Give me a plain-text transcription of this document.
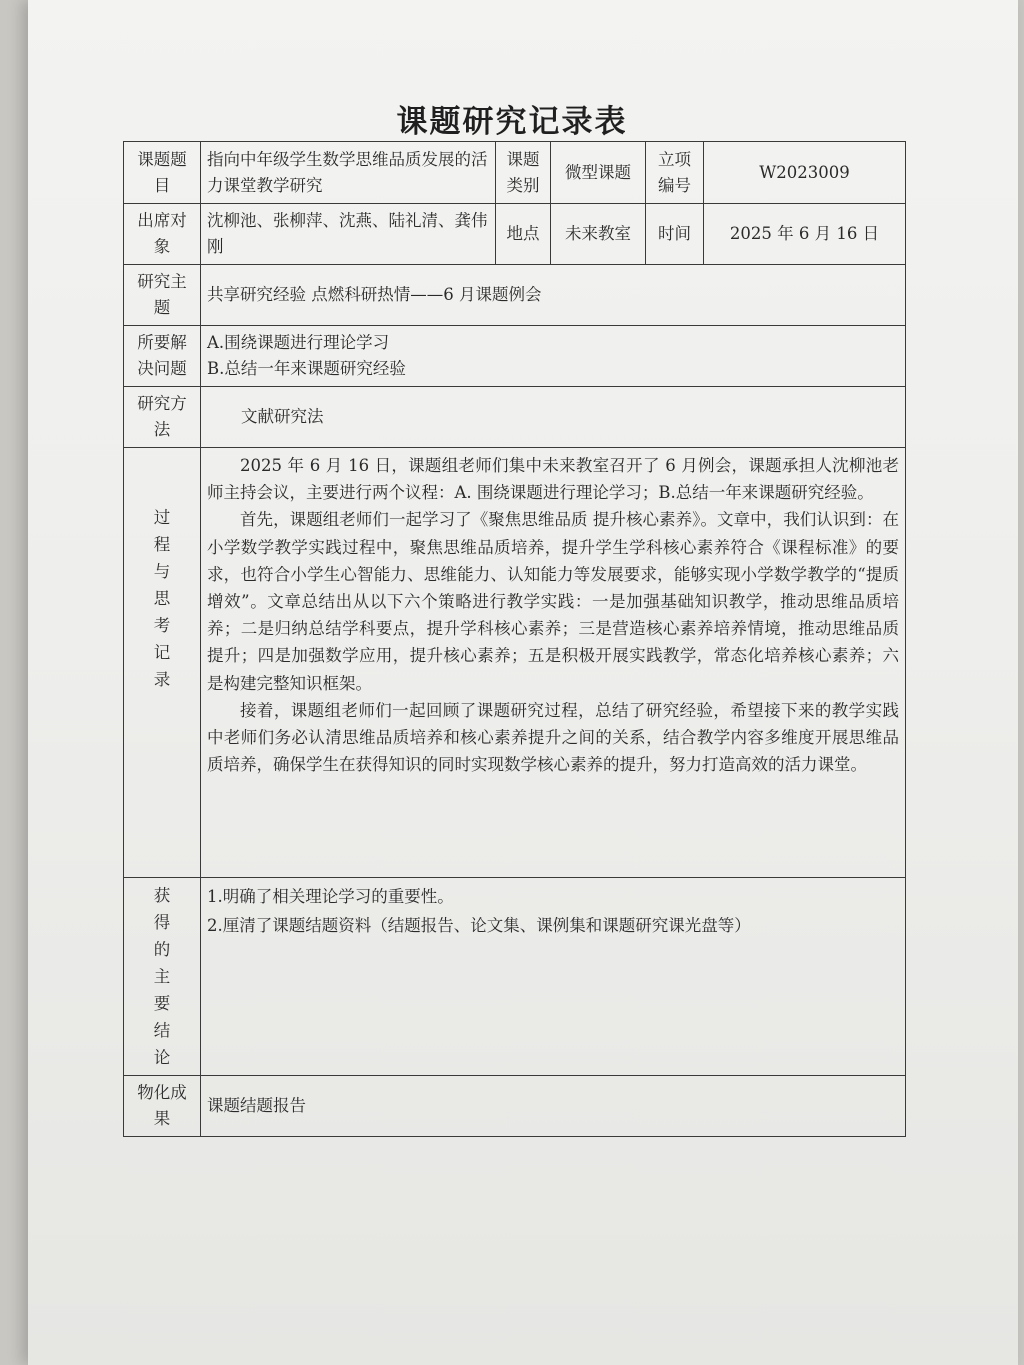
课题研究记录表
课题题目	指向中年级学生数学思维品质发展的活力课堂教学研究	课题类别	微型课题	立项编号	W2023009
出席对象	沈柳池、张柳萍、沈燕、陆礼清、龚伟刚	地点	未来教室	时间	2025 年 6 月 16 日
研究主题	共享研究经验 点燃科研热情——6 月课题例会				
所要解决问题	A.围绕课题进行理论学习
B.总结一年来课题研究经验				

研究方法	文献研究法				
过程与思考记录	2025 年 6 月 16 日，课题组老师们集中未来教室召开了 6 月例会，课题承担人沈柳池老师主持会议，主要进行两个议程：A. 围绕课题进行理论学习；B.总结一年来课题研究经验。

首先，课题组老师们一起学习了《聚焦思维品质 提升核心素养》。文章中，我们认识到：在小学数学教学实践过程中，聚焦思维品质培养，提升学生学科核心素养符合《课程标准》的要求，也符合小学生心智能力、思维能力、认知能力等发展要求，能够实现小学数学教学的“提质增效”。文章总结出从以下六个策略进行教学实践：一是加强基础知识教学，推动思维品质培养；二是归纳总结学科要点，提升学科核心素养；三是营造核心素养培养情境，推动思维品质提升；四是加强数学应用，提升核心素养；五是积极开展实践教学，常态化培养核心素养；六是构建完整知识框架。

接着，课题组老师们一起回顾了课题研究过程，总结了研究经验，希望接下来的教学实践中老师们务必认清思维品质培养和核心素养提升之间的关系，结合教学内容多维度开展思维品质培养，确保学生在获得知识的同时实现数学核心素养的提升，努力打造高效的活力课堂。				

获得的主要结论	1.明确了相关理论学习的重要性。
2.厘清了课题结题资料（结题报告、论文集、课例集和课题研究课光盘等）				

物化成果	课题结题报告				
